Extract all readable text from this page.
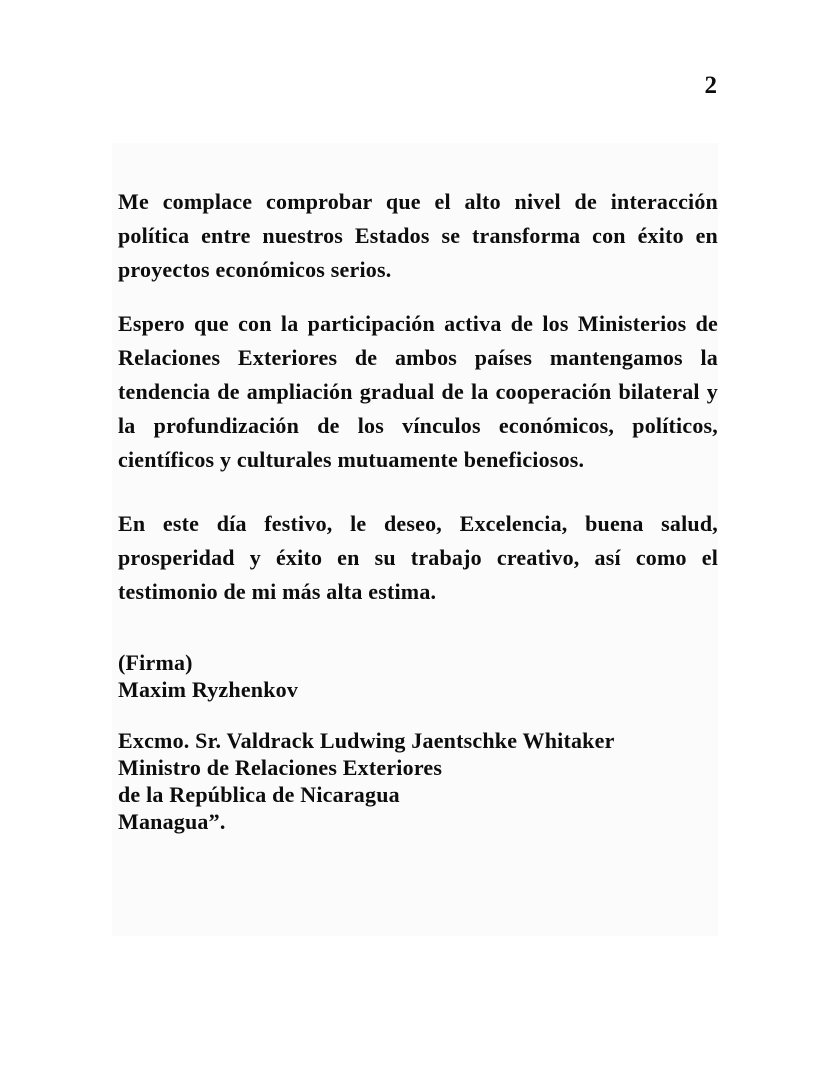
2

Me complace comprobar que el alto nivel de interacción política entre nuestros Estados se transforma con éxito en proyectos económicos serios.

Espero que con la participación activa de los Ministerios de Relaciones Exteriores de ambos países mantengamos la tendencia de ampliación gradual de la cooperación bilateral y la profundización de los vínculos económicos, políticos, científicos y culturales mutuamente beneficiosos.

En este día festivo, le deseo, Excelencia, buena salud, prosperidad y éxito en su trabajo creativo, así como el testimonio de mi más alta estima.

(Firma)
Maxim Ryzhenkov
Excmo. Sr. Valdrack Ludwing Jaentschke Whitaker
Ministro de Relaciones Exteriores
de la República de Nicaragua
Managua”.
